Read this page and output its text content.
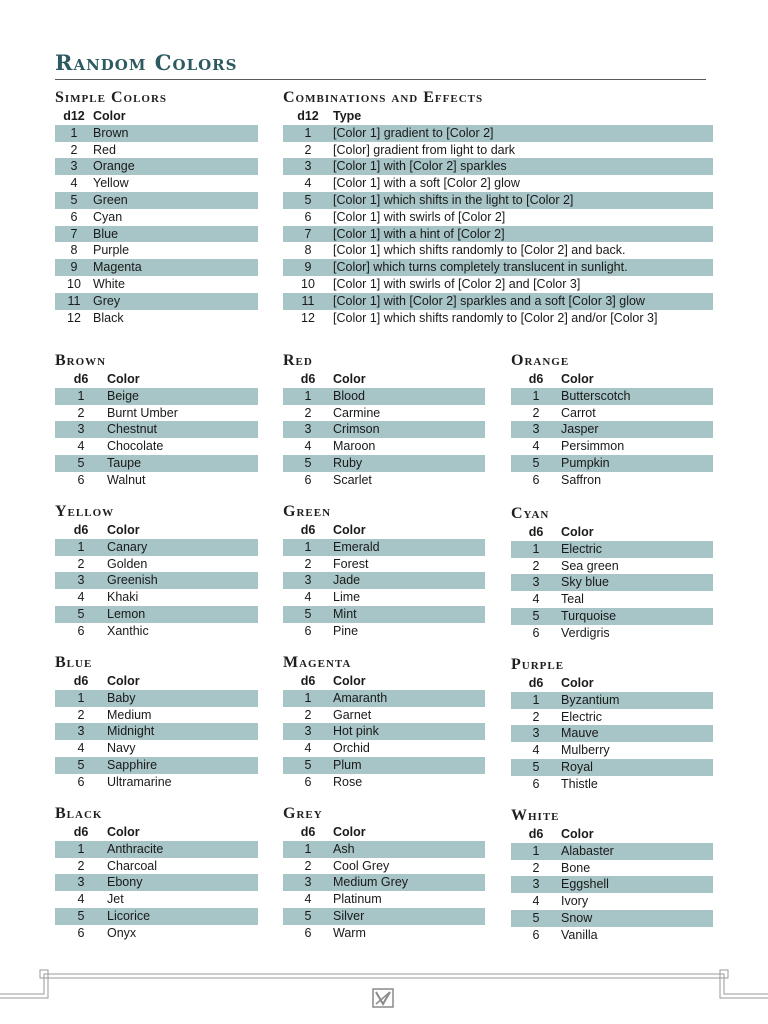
Random Colors
Simple Colors
d12	Color
1	Brown
2	Red
3	Orange
4	Yellow
5	Green
6	Cyan
7	Blue
8	Purple
9	Magenta
10	White
11	Grey
12	Black
Combinations and Effects
d12	Type
1	[Color 1] gradient to [Color 2]
2	[Color] gradient from light to dark
3	[Color 1] with [Color 2] sparkles
4	[Color 1] with a soft [Color 2] glow
5	[Color 1] which shifts in the light to [Color 2]
6	[Color 1] with swirls of [Color 2]
7	[Color 1] with a hint of [Color 2]
8	[Color 1] which shifts randomly to [Color 2] and back.
9	[Color] which turns completely translucent in sunlight.
10	[Color 1] with swirls of [Color 2] and [Color 3]
11	[Color 1] with [Color 2] sparkles and a soft [Color 3] glow
12	[Color 1] which shifts randomly to [Color 2] and/or [Color 3]
Brown
d6	Color
1	Beige
2	Burnt Umber
3	Chestnut
4	Chocolate
5	Taupe
6	Walnut
Red
d6	Color
1	Blood
2	Carmine
3	Crimson
4	Maroon
5	Ruby
6	Scarlet
Orange
d6	Color
1	Butterscotch
2	Carrot
3	Jasper
4	Persimmon
5	Pumpkin
6	Saffron
Yellow
d6	Color
1	Canary
2	Golden
3	Greenish
4	Khaki
5	Lemon
6	Xanthic
Green
d6	Color
1	Emerald
2	Forest
3	Jade
4	Lime
5	Mint
6	Pine
Cyan
d6	Color
1	Electric
2	Sea green
3	Sky blue
4	Teal
5	Turquoise
6	Verdigris
Blue
d6	Color
1	Baby
2	Medium
3	Midnight
4	Navy
5	Sapphire
6	Ultramarine
Magenta
d6	Color
1	Amaranth
2	Garnet
3	Hot pink
4	Orchid
5	Plum
6	Rose
Purple
d6	Color
1	Byzantium
2	Electric
3	Mauve
4	Mulberry
5	Royal
6	Thistle
Black
d6	Color
1	Anthracite
2	Charcoal
3	Ebony
4	Jet
5	Licorice
6	Onyx
Grey
d6	Color
1	Ash
2	Cool Grey
3	Medium Grey
4	Platinum
5	Silver
6	Warm
White
d6	Color
1	Alabaster
2	Bone
3	Eggshell
4	Ivory
5	Snow
6	Vanilla
